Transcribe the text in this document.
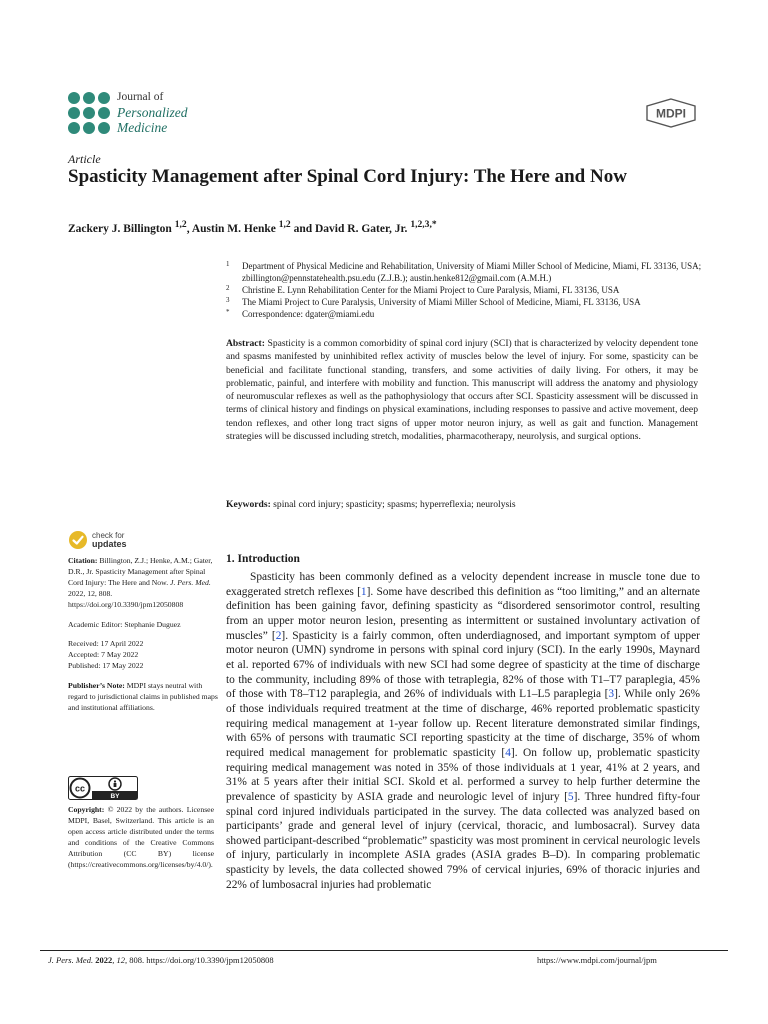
Journal of
Personalized
Medicine
MDPI
Article
Spasticity Management after Spinal Cord Injury: The Here and Now
Zackery J. Billington $^{1,2}$, Austin M. Henke $^{1,2}$ and David R. Gater, Jr. $^{1,2,3,*}$
1 Department of Physical Medicine and Rehabilitation, University of Miami Miller School of Medicine, Miami, FL 33136, USA; zbillington@pennstatehealth.psu.edu (Z.J.B.); austin.henke812@gmail.com (A.M.H.)
2 Christine E. Lynn Rehabilitation Center for the Miami Project to Cure Paralysis, Miami, FL 33136, USA
3 The Miami Project to Cure Paralysis, University of Miami Miller School of Medicine, Miami, FL 33136, USA
* Correspondence: dgater@miami.edu
Abstract: Spasticity is a common comorbidity of spinal cord injury (SCI) that is characterized by velocity dependent tone and spasms manifested by uninhibited reflex activity of muscles below the level of injury. For some, spasticity can be beneficial and facilitate functional standing, transfers, and some activities of daily living. For others, it may be problematic, painful, and interfere with mobility and function. This manuscript will address the anatomy and physiology of neuromuscular reflexes as well as the pathophysiology that occurs after SCI. Spasticity assessment will be discussed in terms of clinical history and findings on physical examinations, including responses to passive and active movement, deep tendon reflexes, and other long tract signs of upper motor neuron injury, as well as gait and function. Management strategies will be discussed including stretch, modalities, pharmacotherapy, neurolysis, and surgical options.
Keywords: spinal cord injury; spasticity; spasms; hyperreflexia; neurolysis
check for
updates
Citation: Billington, Z.J.; Henke, A.M.; Gater, D.R., Jr. Spasticity Management after Spinal Cord Injury: The Here and Now. J. Pers. Med. 2022, 12, 808. https://doi.org/10.3390/jpm12050808
Academic Editor: Stephanie Duguez
Received: 17 April 2022
Accepted: 7 May 2022
Published: 17 May 2022
Publisher’s Note: MDPI stays neutral with regard to jurisdictional claims in published maps and institutional affiliations.
cc
BY
Copyright: © 2022 by the authors. Licensee MDPI, Basel, Switzerland. This article is an open access article distributed under the terms and conditions of the Creative Commons Attribution (CC BY) license (https://creativecommons.org/licenses/by/4.0/).
1. Introduction
Spasticity has been commonly defined as a velocity dependent increase in muscle tone due to exaggerated stretch reflexes [1]. Some have described this definition as “too limiting,” and an alternate definition has been gaining favor, defining spasticity as “disordered sensorimotor control, resulting from an upper motor neuron lesion, presenting as intermittent or sustained involuntary activation of muscles” [2]. Spasticity is a fairly common, often underdiagnosed, and important symptom of upper motor neuron (UMN) syndrome in persons with spinal cord injury (SCI). In the early 1990s, Maynard et al. reported 67% of individuals with new SCI had some degree of spasticity at the time of discharge to the community, including 89% of those with tetraplegia, 82% of those with T1–T7 paraplegia, 45% of those with T8–T12 paraplegia, and 26% of individuals with L1–L5 paraplegia [3]. While only 26% of those individuals required treatment at the time of discharge, 46% reported problematic spasticity requiring medical management at 1-year follow up. Recent literature demonstrated similar findings, with 65% of persons with traumatic SCI reporting spasticity at the time of discharge, 35% of whom required medical management for problematic spasticity [4]. On follow up, problematic spasticity requiring medical management was noted in 35% of those individuals at 1 year, 41% at 2 years, and 31% at 5 years after their initial SCI. Skold et al. performed a survey to help further determine the prevalence of spasticity by ASIA grade and neurologic level of injury [5]. Three hundred fifty-four spinal cord injured individuals participated in the survey. The data collected was analyzed based on participants’ grade and general level of injury (cervical, thoracic, and lumbosacral). Survey data showed participant-described “problematic” spasticity was most prominent in cervical neurologic levels of injury, particularly in incomplete ASIA grades (ASIA grades B–D). In comparing problematic spasticity by levels, the data collected showed 79% of cervical injuries, 69% of thoracic injuries and 22% of lumbosacral injuries had problematic
J. Pers. Med. 2022, 12, 808. https://doi.org/10.3390/jpm12050808	https://www.mdpi.com/journal/jpm
